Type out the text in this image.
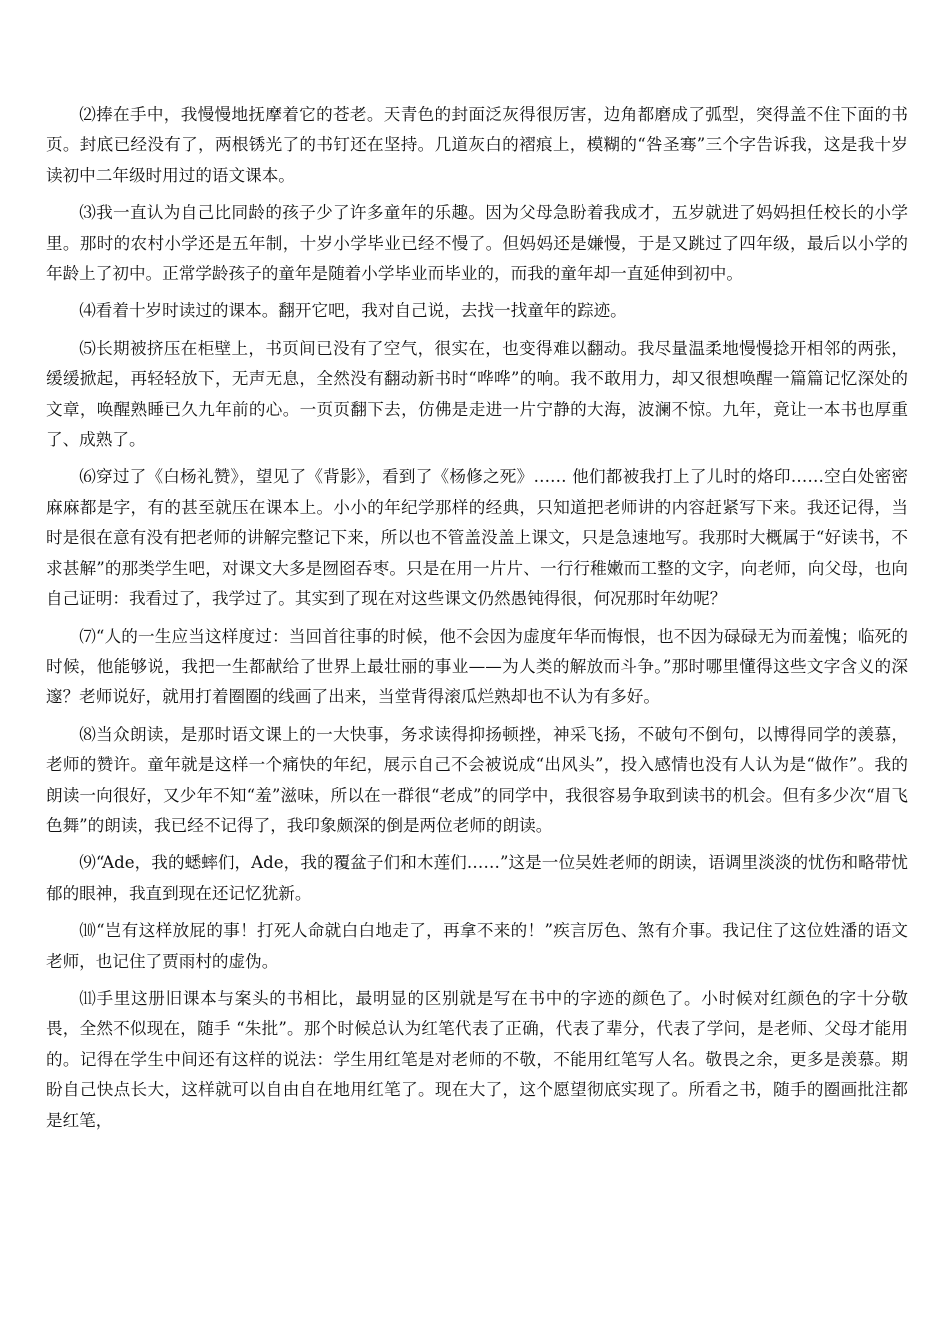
⑵捧在手中，我慢慢地抚摩着它的苍老。天青色的封面泛灰得很厉害，边角都磨成了弧型，突得盖不住下面的书页。封底已经没有了，两根锈光了的书钉还在坚持。几道灰白的褶痕上，模糊的“咎圣骞”三个字告诉我，这是我十岁读初中二年级时用过的语文课本。

⑶我一直认为自己比同龄的孩子少了许多童年的乐趣。因为父母急盼着我成才，五岁就进了妈妈担任校长的小学里。那时的农村小学还是五年制，十岁小学毕业已经不慢了。但妈妈还是嫌慢，于是又跳过了四年级，最后以小学的年龄上了初中。正常学龄孩子的童年是随着小学毕业而毕业的，而我的童年却一直延伸到初中。

⑷看着十岁时读过的课本。翻开它吧，我对自己说，去找一找童年的踪迹。

⑸长期被挤压在柜壁上，书页间已没有了空气，很实在，也变得难以翻动。我尽量温柔地慢慢捻开相邻的两张，缓缓掀起，再轻轻放下，无声无息，全然没有翻动新书时“哗哗”的响。我不敢用力，却又很想唤醒一篇篇记忆深处的文章，唤醒熟睡已久九年前的心。一页页翻下去，仿佛是走进一片宁静的大海，波澜不惊。九年，竟让一本书也厚重了、成熟了。

⑹穿过了《白杨礼赞》，望见了《背影》，看到了《杨修之死》…… 他们都被我打上了儿时的烙印……空白处密密麻麻都是字，有的甚至就压在课本上。小小的年纪学那样的经典，只知道把老师讲的内容赶紧写下来。我还记得，当时是很在意有没有把老师的讲解完整记下来，所以也不管盖没盖上课文，只是急速地写。我那时大概属于“好读书，不求甚解”的那类学生吧，对课文大多是囫囵吞枣。只是在用一片片、一行行稚嫩而工整的文字，向老师，向父母，也向自己证明：我看过了，我学过了。其实到了现在对这些课文仍然愚钝得很，何况那时年幼呢？

⑺“人的一生应当这样度过：当回首往事的时候，他不会因为虚度年华而悔恨，也不因为碌碌无为而羞愧；临死的时候，他能够说，我把一生都献给了世界上最壮丽的事业——为人类的解放而斗争。”那时哪里懂得这些文字含义的深邃？老师说好，就用打着圈圈的线画了出来，当堂背得滚瓜烂熟却也不认为有多好。

⑻当众朗读，是那时语文课上的一大快事，务求读得抑扬顿挫，神采飞扬，不破句不倒句，以博得同学的羡慕，老师的赞许。童年就是这样一个痛快的年纪，展示自己不会被说成“出风头”，投入感情也没有人认为是“做作”。我的朗读一向很好，又少年不知“羞”滋味，所以在一群很“老成”的同学中，我很容易争取到读书的机会。但有多少次“眉飞色舞”的朗读，我已经不记得了，我印象颇深的倒是两位老师的朗读。

⑼“Ade，我的蟋蟀们，Ade，我的覆盆子们和木莲们……”这是一位吴姓老师的朗读，语调里淡淡的忧伤和略带忧郁的眼神，我直到现在还记忆犹新。

⑽“岂有这样放屁的事！打死人命就白白地走了，再拿不来的！”疾言厉色、煞有介事。我记住了这位姓潘的语文老师，也记住了贾雨村的虚伪。

⑾手里这册旧课本与案头的书相比，最明显的区别就是写在书中的字迹的颜色了。小时候对红颜色的字十分敬畏，全然不似现在，随手 “朱批”。那个时候总认为红笔代表了正确，代表了辈分，代表了学问，是老师、父母才能用的。记得在学生中间还有这样的说法：学生用红笔是对老师的不敬，不能用红笔写人名。敬畏之余，更多是羡慕。期盼自己快点长大，这样就可以自由自在地用红笔了。现在大了，这个愿望彻底实现了。所看之书，随手的圈画批注都是红笔，
